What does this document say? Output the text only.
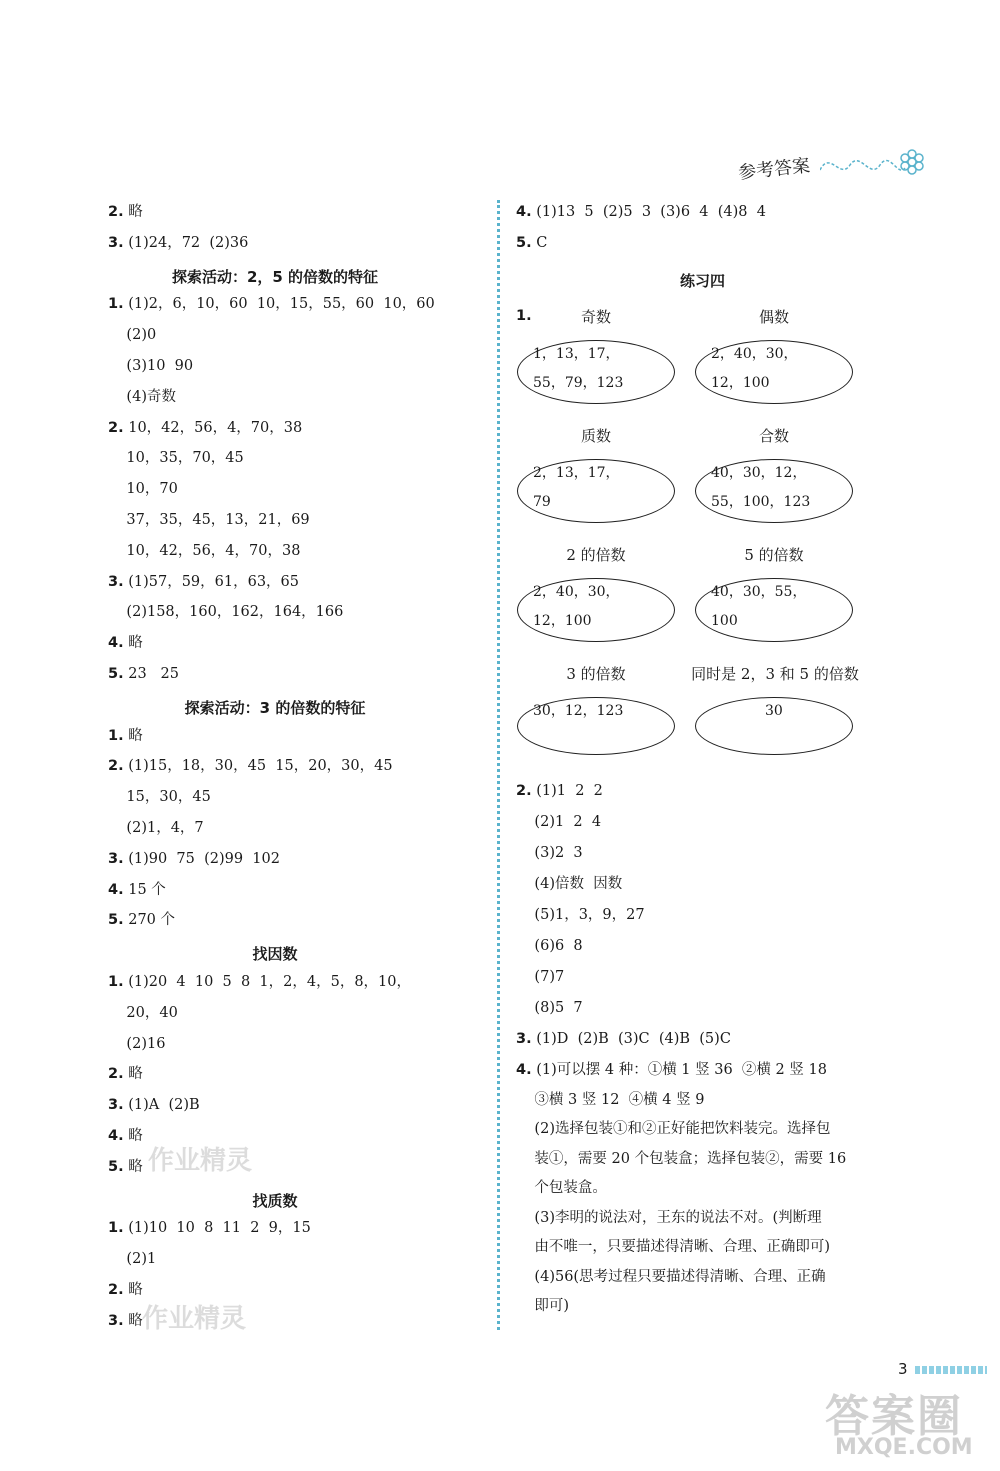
参考答案
2. 略
3. (1)24，72  (2)36
探索活动：2，5 的倍数的特征
1. (1)2，6，10，60  10，15，55，60  10，60
(2)0
(3)10  90
(4)奇数
2. 10，42，56，4，70，38
10，35，70，45
10，70
37，35，45，13，21，69
10，42，56，4，70，38
3. (1)57，59，61，63，65
(2)158，160，162，164，166
4. 略
5. 23   25
探索活动：3 的倍数的特征
1. 略
2. (1)15，18，30，45  15，20，30，45
15，30，45
(2)1，4，7
3. (1)90  75  (2)99  102
4. 15 个
5. 270 个
找因数
1. (1)20  4  10  5  8  1，2，4，5，8，10，
20，40
(2)16
2. 略
3. (1)A  (2)B
4. 略
5. 略
找质数
1. (1)10  10  8  11  2  9，15
(2)1
2. 略
3. 略
4. (1)13  5  (2)5  3  (3)6  4  (4)8  4
5. C
练习四
1.	奇数
1，13，17，
55，79，123
偶数
2，40，30，
12，100
质数
2，13，17，
79
合数
40，30，12，
55，100，123
2 的倍数
2，40，30，
12，100
5 的倍数
40，30，55，
100
3 的倍数
30，12，123
同时是 2，3 和 5 的倍数
30
2. (1)1  2  2
(2)1  2  4
(3)2  3
(4)倍数  因数
(5)1，3，9，27
(6)6  8
(7)7
(8)5  7
3. (1)D  (2)B  (3)C  (4)B  (5)C
4. (1)可以摆 4 种：①横 1 竖 36  ②横 2 竖 18
③横 3 竖 12  ④横 4 竖 9
(2)选择包装①和②正好能把饮料装完。选择包
装①，需要 20 个包装盒；选择包装②，需要 16
个包装盒。
(3)李明的说法对，王东的说法不对。(判断理
由不唯一，只要描述得清晰、合理、正确即可)
(4)56(思考过程只要描述得清晰、合理、正确
即可)
作业精灵
作业精灵
3
答案圈
MXQE.COM
